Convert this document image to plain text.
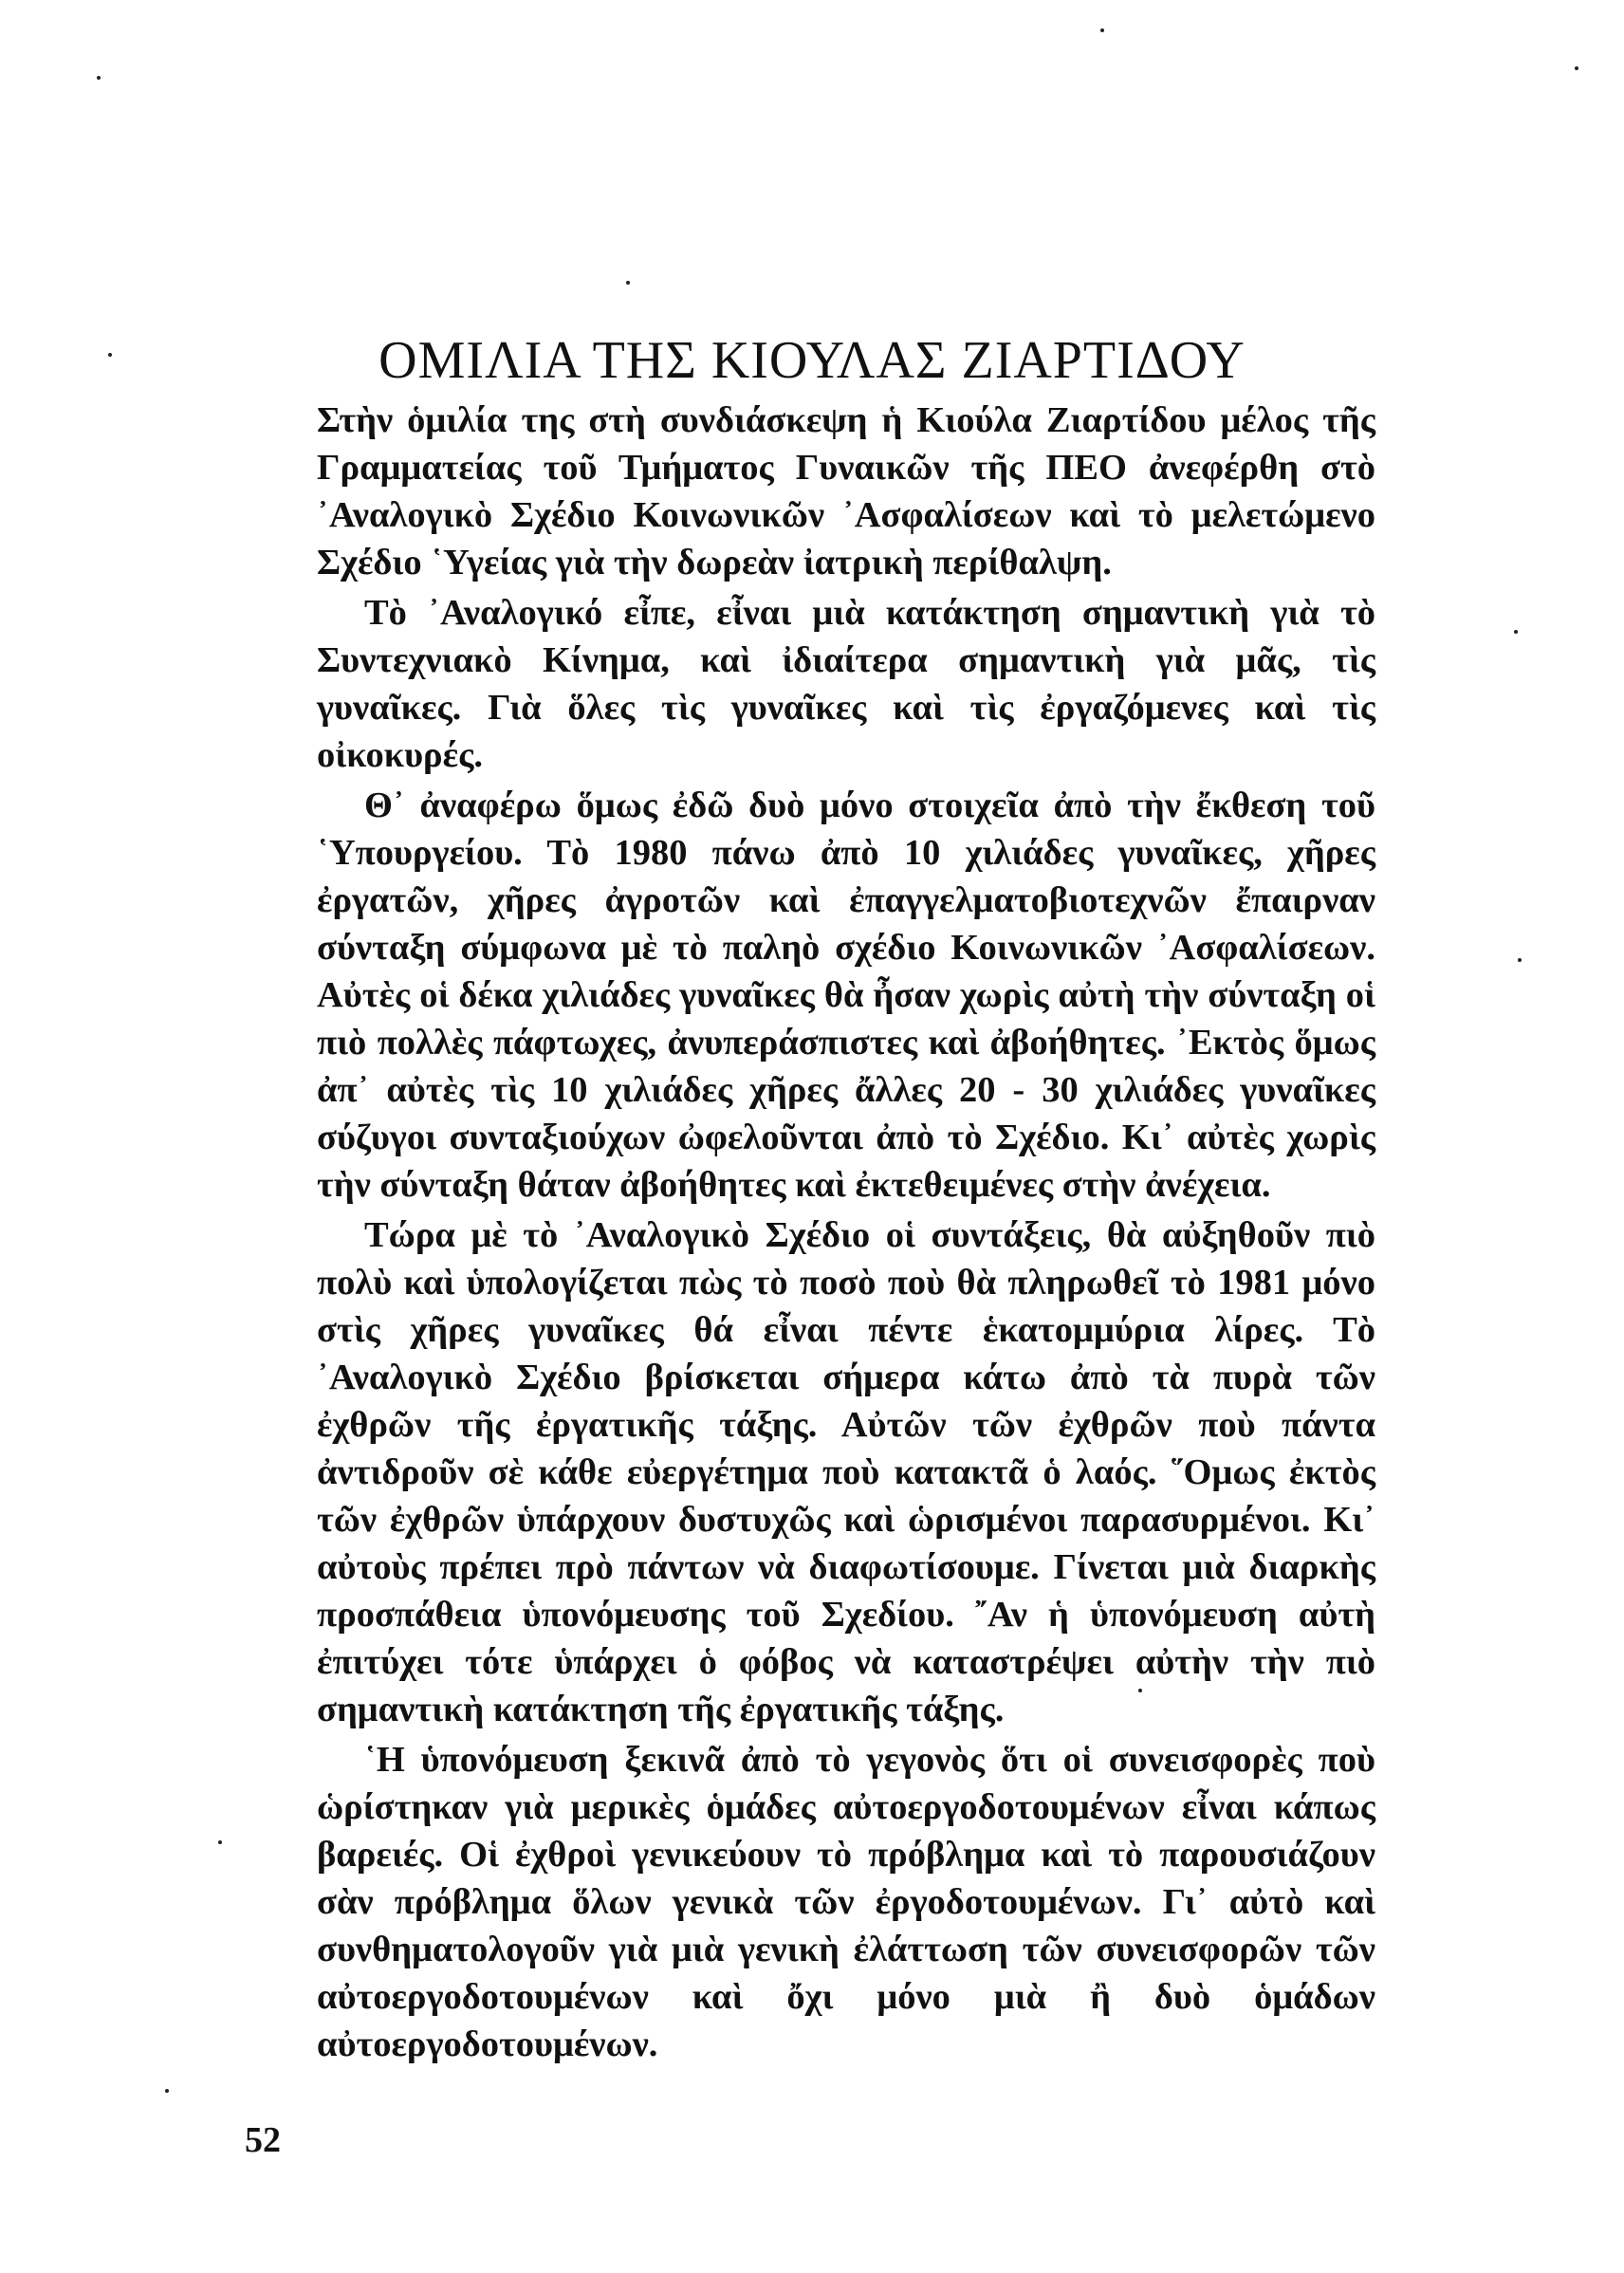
ΟΜΙΛΙΑ ΤΗΣ ΚΙΟΥΛΑΣ ΖΙΑΡΤΙΔΟΥ

Στὴν ὁμιλία της στὴ συνδιάσκεψη ἡ Κιούλα Ζιαρτίδου μέλος τῆς Γραμματείας τοῦ Τμήματος Γυναικῶν τῆς ΠΕΟ ἀνεφέρθη στὸ ᾿Αναλογικὸ Σχέδιο Κοινωνικῶν ᾿Ασφαλίσεων καὶ τὸ μελετώμενο Σχέδιο ῾Υγείας γιὰ τὴν δωρεὰν ἰατρικὴ περίθαλψη.

Τὸ ᾿Αναλογικό εἶπε, εἶναι μιὰ κατάκτηση σημαντικὴ γιὰ τὸ Συντεχνιακὸ Κίνημα, καὶ ἰδιαίτερα σημαντικὴ γιὰ μᾶς, τὶς γυναῖκες. Γιὰ ὅλες τὶς γυναῖκες καὶ τὶς ἐργαζόμενες καὶ τὶς οἰκοκυρές.

Θ᾿ ἀναφέρω ὅμως ἐδῶ δυὸ μόνο στοιχεῖα ἀπὸ τὴν ἔκθεση τοῦ ῾Υπουργείου. Τὸ 1980 πάνω ἀπὸ 10 χιλιάδες γυναῖκες, χῆρες ἐργατῶν, χῆρες ἀγροτῶν καὶ ἐπαγγελματοβιοτεχνῶν ἔπαιρναν σύνταξη σύμφωνα μὲ τὸ παληὸ σχέδιο Κοινωνικῶν ᾿Ασφαλίσεων. Αὐτὲς οἱ δέκα χιλιάδες γυναῖκες θὰ ἦσαν χωρὶς αὐτὴ τὴν σύνταξη οἱ πιὸ πολλὲς πάφτωχες, ἀνυπεράσπιστες καὶ ἀβοήθητες. ᾿Εκτὸς ὅμως ἀπ᾿ αὐτὲς τὶς 10 χιλιάδες χῆρες ἄλλες 20 - 30 χιλιάδες γυναῖκες σύζυγοι συνταξιούχων ὠφελοῦνται ἀπὸ τὸ Σχέδιο. Κι᾿ αὐτὲς χωρὶς τὴν σύνταξη θάταν ἀβοήθητες καὶ ἐκτεθειμένες στὴν ἀνέχεια.

Τώρα μὲ τὸ ᾿Αναλογικὸ Σχέδιο οἱ συντάξεις, θὰ αὐξηθοῦν πιὸ πολὺ καὶ ὑπολογίζεται πὼς τὸ ποσὸ ποὺ θὰ πληρωθεῖ τὸ 1981 μόνο στὶς χῆρες γυναῖκες θά εἶναι πέντε ἑκατομμύρια λίρες. Τὸ ᾿Αναλογικὸ Σχέδιο βρίσκεται σήμερα κάτω ἀπὸ τὰ πυρὰ τῶν ἐχθρῶν τῆς ἐργατικῆς τάξης. Αὐτῶν τῶν ἐχθρῶν ποὺ πάντα ἀντιδροῦν σὲ κάθε εὐεργέτημα ποὺ κατακτᾶ ὁ λαός. ῞Ομως ἐκτὸς τῶν ἐχθρῶν ὑπάρχουν δυστυχῶς καὶ ὡρισμένοι παρασυρμένοι. Κι᾿ αὐτοὺς πρέπει πρὸ πάντων νὰ διαφωτίσουμε. Γίνεται μιὰ διαρκὴς προσπάθεια ὑπονόμευσης τοῦ Σχεδίου. ῎Αν ἡ ὑπονόμευση αὐτὴ ἐπιτύχει τότε ὑπάρχει ὁ φόβος νὰ καταστρέψει αὐτὴν τὴν πιὸ σημαντικὴ κατάκτηση τῆς ἐργατικῆς τάξης.

῾Η ὑπονόμευση ξεκινᾶ ἀπὸ τὸ γεγονὸς ὅτι οἱ συνεισφορὲς ποὺ ὡρίστηκαν γιὰ μερικὲς ὁμάδες αὐτοεργοδοτουμένων εἶναι κάπως βαρειές. Οἱ ἐχθροὶ γενικεύουν τὸ πρόβλημα καὶ τὸ παρουσιάζουν σὰν πρόβλημα ὅλων γενικὰ τῶν ἐργοδοτουμένων. Γι᾿ αὐτὸ καὶ συνθηματολογοῦν γιὰ μιὰ γενικὴ ἐλάττωση τῶν συνεισφορῶν τῶν αὐτοεργοδοτουμένων καὶ ὄχι μόνο μιὰ ἢ δυὸ ὁμάδων αὐτοεργοδοτουμένων.

52
